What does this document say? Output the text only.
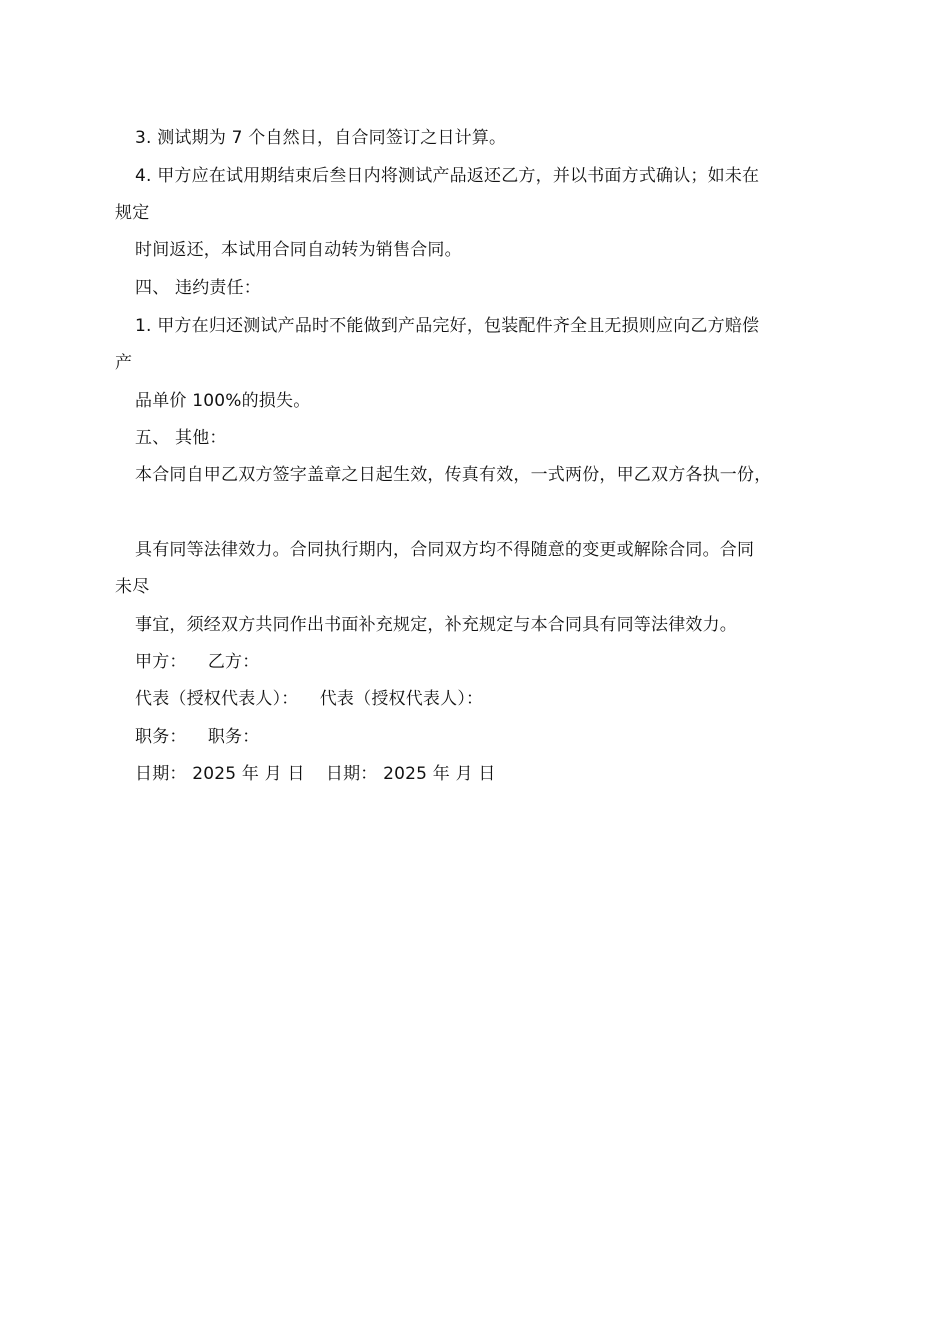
3. 测试期为 7 个自然日，自合同签订之日计算。
4. 甲方应在试用期结束后叁日内将测试产品返还乙方，并以书面方式确认；如未在
规定
时间返还，本试用合同自动转为销售合同。
四、 违约责任：
1. 甲方在归还测试产品时不能做到产品完好，包装配件齐全且无损则应向乙方赔偿
产
品单价 100%的损失。
五、 其他：
本合同自甲乙双方签字盖章之日起生效，传真有效，一式两份，甲乙双方各执一份，
具有同等法律效力。合同执行期内，合同双方均不得随意的变更或解除合同。合同
未尽
事宜，须经双方共同作出书面补充规定，补充规定与本合同具有同等法律效力。
甲方： 乙方：
代表（授权代表人）： 代表（授权代表人）：
职务： 职务：
日期： 2025 年 月 日 日期： 2025 年 月 日
